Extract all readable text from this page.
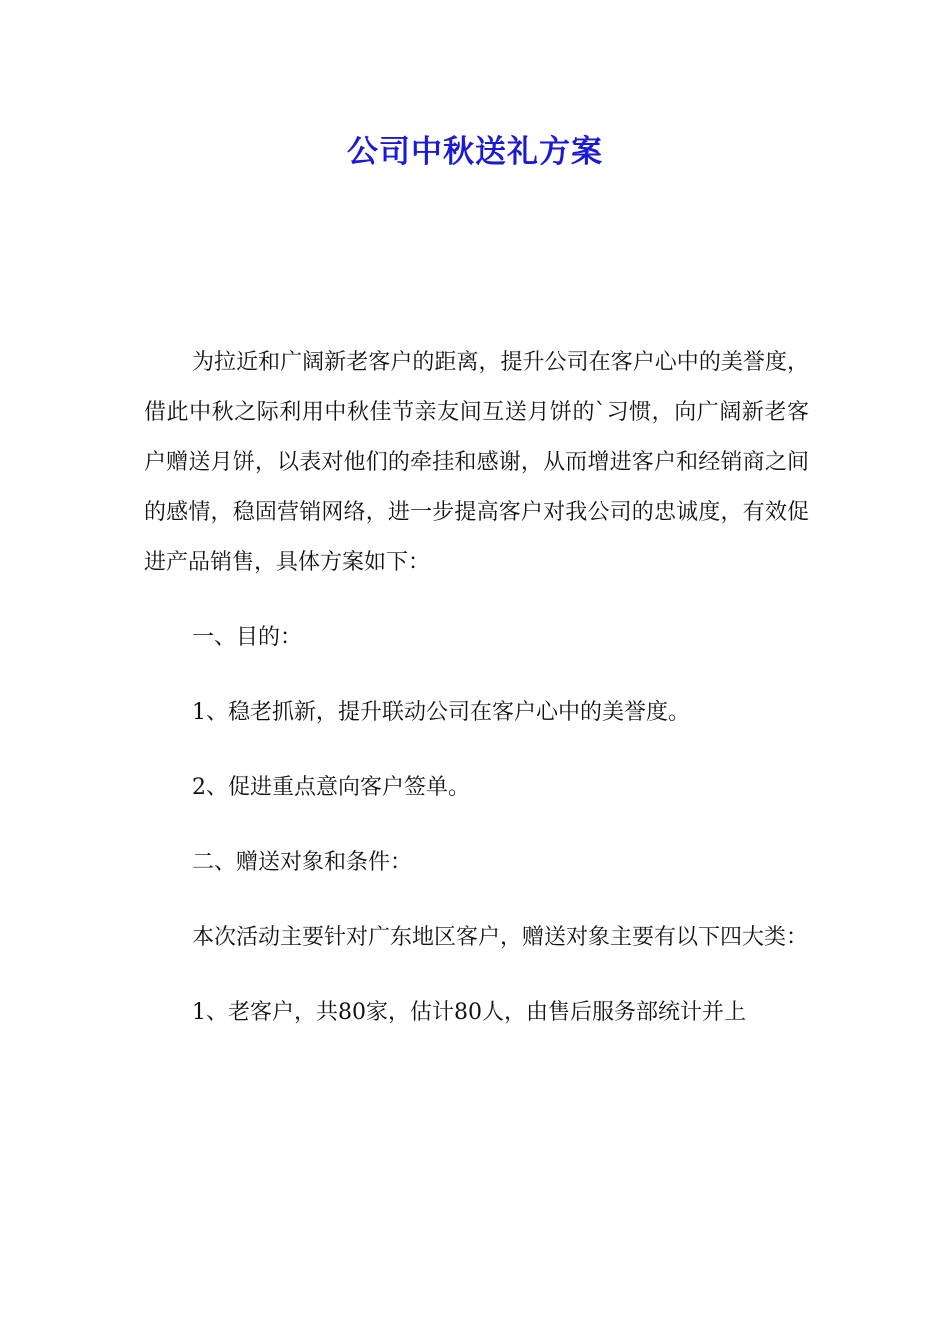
公司中秋送礼方案

为拉近和广阔新老客户的距离，提升公司在客户心中的美誉度，借此中秋之际利用中秋佳节亲友间互送月饼的`习惯，向广阔新老客户赠送月饼，以表对他们的牵挂和感谢，从而增进客户和经销商之间的感情，稳固营销网络，进一步提高客户对我公司的忠诚度，有效促进产品销售，具体方案如下：

一、目的：

1、稳老抓新，提升联动公司在客户心中的美誉度。

2、促进重点意向客户签单。

二、赠送对象和条件：

本次活动主要针对广东地区客户，赠送对象主要有以下四大类：

1、老客户，共80家，估计80人，由售后服务部统计并上
